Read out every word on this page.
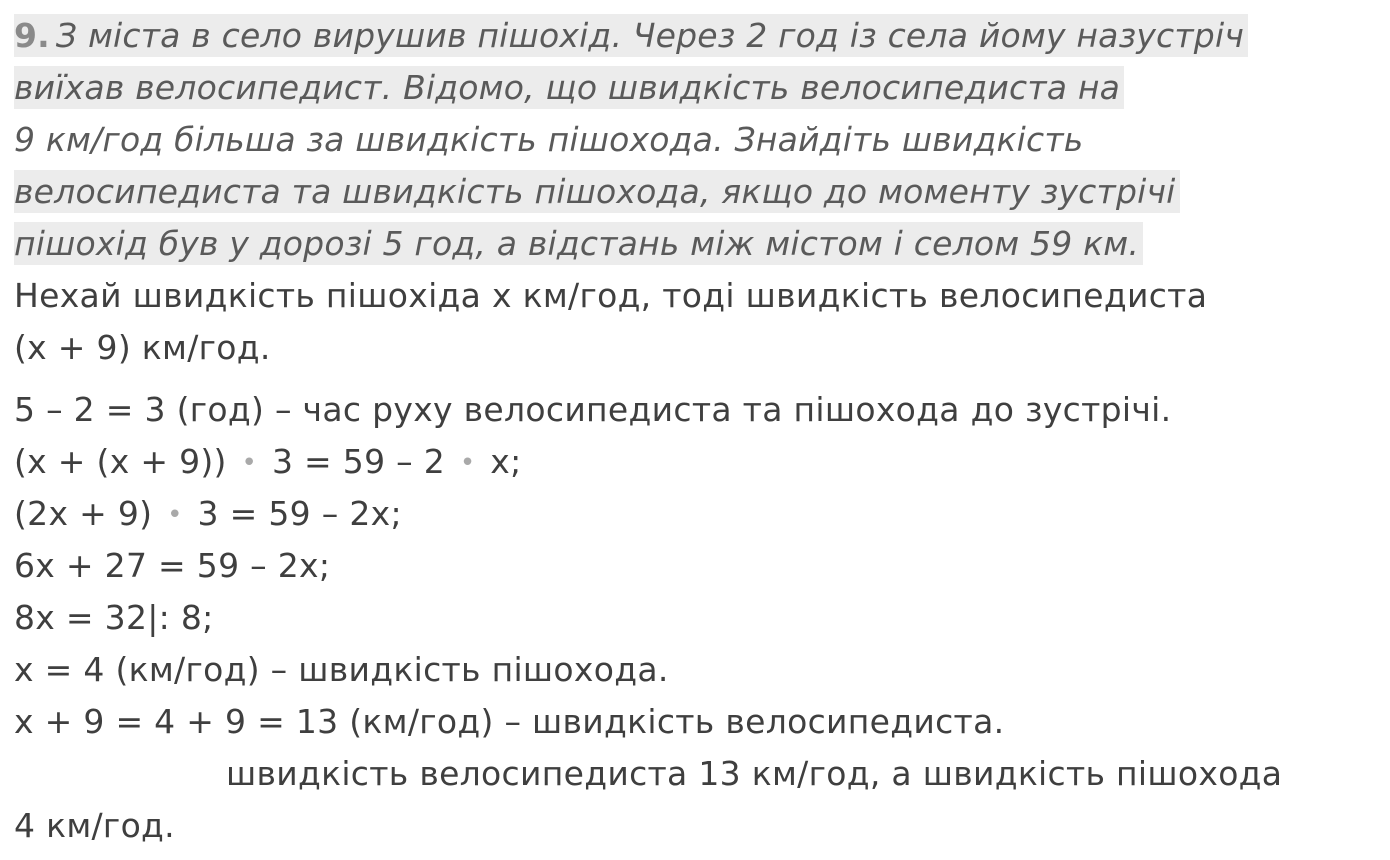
9. З міста в село вирушив пішохід. Через 2 год із села йому назустріч
виїхав велосипедист. Відомо, що швидкість велосипедиста на
9 км/год більша за швидкість пішохода. Знайдіть швидкість
велосипедиста та швидкість пішохода, якщо до моменту зустрічі
пішохід був у дорозі 5 год, а відстань між містом і селом 59 км.
Нехай швидкість пішохіда х км/год, тоді швидкість велосипедиста
(х + 9) км/год.
5 – 2 = 3 (год) – час руху велосипедиста та пішохода до зустрічі.
(х + (х + 9)) • 3 = 59 – 2 • х;
(2х + 9) • 3 = 59 – 2х;
6х + 27 = 59 – 2х;
8х = 32|: 8;
х = 4 (км/год) – швидкість пішохода.
х + 9 = 4 + 9 = 13 (км/год) – швидкість велосипедиста.
швидкість велосипедиста 13 км/год, а швидкість пішохода
4 км/год.
